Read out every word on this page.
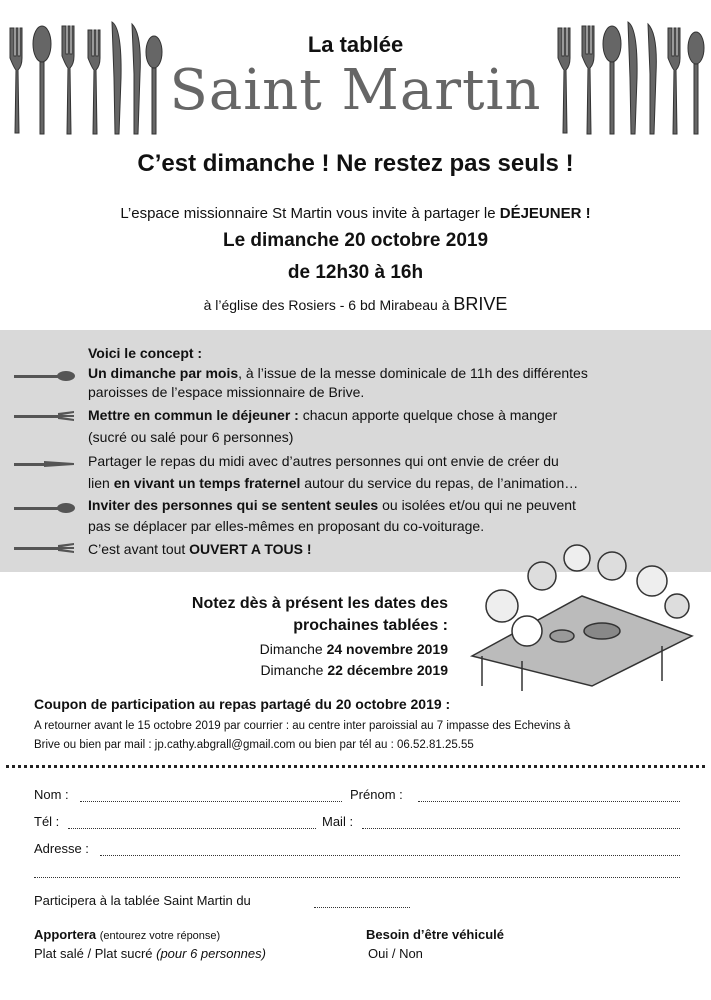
La tablée
Saint Martin
C’est dimanche ! Ne restez pas seuls !
L’espace missionnaire St Martin vous invite à partager le DÉJEUNER !
Le dimanche 20 octobre 2019
de 12h30 à 16h
à l’église des Rosiers - 6 bd Mirabeau à BRIVE
Voici le concept :
Un dimanche par mois, à l’issue de la messe dominicale de 11h des différentes
paroisses de l’espace missionnaire de Brive.
Mettre en commun le déjeuner : chacun apporte quelque chose à manger
(sucré ou salé pour 6 personnes)
Partager le repas du midi avec d’autres personnes qui ont envie de créer du
lien en vivant un temps fraternel autour du service du repas, de l’animation…
Inviter des personnes qui se sentent seules ou isolées et/ou qui ne peuvent
pas se déplacer par elles-mêmes en proposant du co-voiturage.
C’est avant tout OUVERT A TOUS !
Notez dès à présent les dates des
prochaines tablées :
Dimanche 24 novembre 2019
Dimanche 22 décembre 2019
Coupon de participation au repas partagé du 20 octobre 2019 :
A retourner avant le 15 octobre 2019 par courrier : au centre inter paroissial au 7 impasse des Echevins à
Brive ou bien par mail : jp.cathy.abgrall@gmail.com ou bien par tél au : 06.52.81.25.55
Nom :	Prénom :
Tél :	Mail :
Adresse :
Participera à la tablée Saint Martin du
Apportera (entourez votre réponse)
Plat salé / Plat sucré (pour 6 personnes)
Besoin d’être véhiculé
Oui / Non
